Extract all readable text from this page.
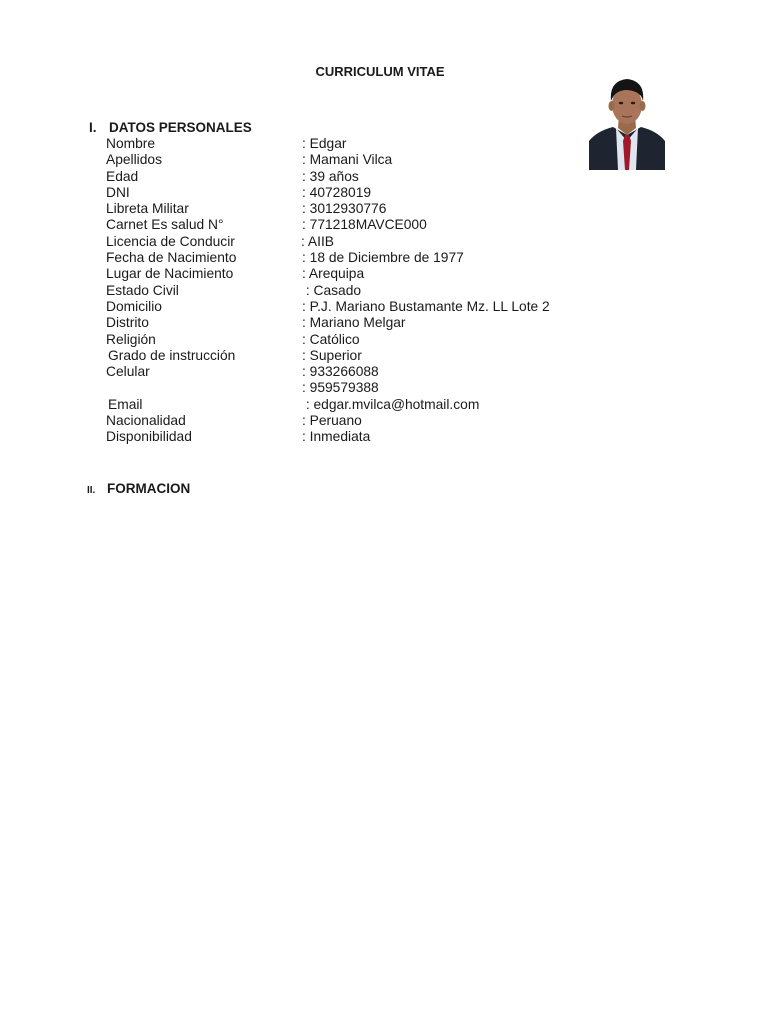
CURRICULUM VITAE
I. DATOS PERSONALES
Nombre	: Edgar
Apellidos	: Mamani Vilca
Edad	: 39 años
DNI	: 40728019
Libreta Militar	: 3012930776
Carnet Es salud N°	: 771218MAVCE000
Licencia de Conducir	: AIIB
Fecha de Nacimiento	: 18 de Diciembre de 1977
Lugar de Nacimiento	: Arequipa
Estado Civil	: Casado
Domicilio	: P.J. Mariano Bustamante Mz. LL Lote 2
Distrito	: Mariano Melgar
Religión	: Católico
Grado de instrucción	: Superior
Celular	: 933266088
: 959579388
Email	: edgar.mvilca@hotmail.com
Nacionalidad	: Peruano
Disponibilidad	: Inmediata
II. FORMACION
